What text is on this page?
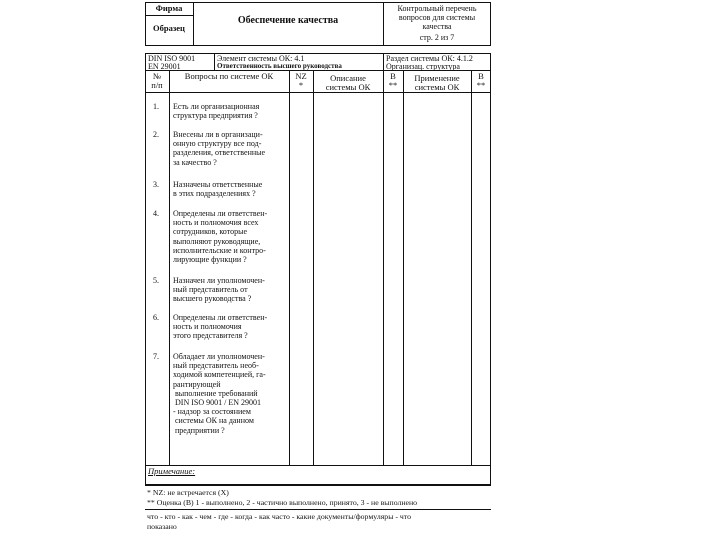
Фирма
Образец
Обеспечение качества
Контрольный перечень
вопросов для системы
качества
стр. 2 из 7
DIN ISO 9001
EN 29001
Элемент системы ОК: 4.1
Ответственность высшего руководства
Раздел системы ОК: 4.1.2
Организац. структура
№
п/п
Вопросы по системе ОК	NZ
*
Описание
системы ОК
B
**
Применение
системы ОК
B
**
1. Есть ли организационная
структура предприятия ?
2. Внесены ли в организаци-
онную структуру все под-
разделения, ответственные
за качество ?
3. Назначены ответственные
в этих подразделениях ?
4. Определены ли ответствен-
ность и полномочия всех
сотрудников, которые
выполняют руководящие,
исполнительские и контро-
лирующие функции ?
5. Назначен ли уполномочен-
ный представитель от
высшего руководства ?
6. Определены ли ответствен-
ность и полномочия
этого представителя ?
7. Обладает ли уполномочен-
ный представитель необ-
ходимой компетенцией, га-
рантирующей
выполнение требований
DIN ISO 9001 / EN 29001
- надзор за состоянием
системы ОК на данном
предприятии ?
Примечание:
* NZ: не встречается (X)
** Оценка (В) 1 - выполнено, 2 - частично выполнено, принято, 3 - не выполнено
что - кто - как - чем - где - когда - как часто - какие документы/формуляры - что
показано
